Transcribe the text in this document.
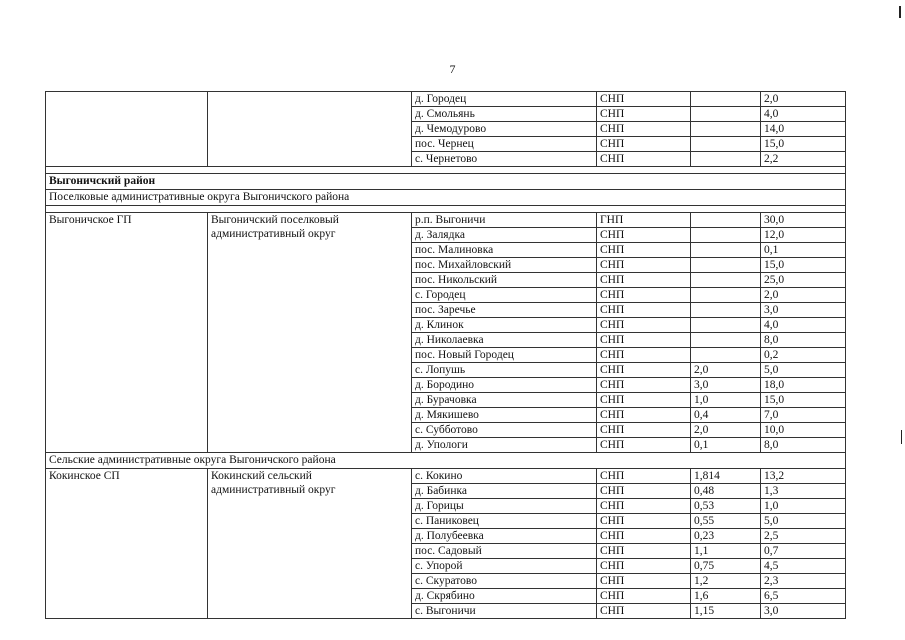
7
		д. Городец	СНП		2,0
		д. Смольянь	СНП		4,0
		д. Чемодурово	СНП		14,0
		пос. Чернец	СНП		15,0
		с. Чернетово	СНП		2,2

Выгоничский район					
Поселковые административные округа Выгоничского района					

Выгоничское ГП	Выгоничский поселковый административный округ	р.п. Выгоничи	ГНП		30,0
		д. Залядка	СНП		12,0
		пос. Малиновка	СНП		0,1
		пос. Михайловский	СНП		15,0
		пос. Никольский	СНП		25,0
		с. Городец	СНП		2,0
		пос. Заречье	СНП		3,0
		д. Клинок	СНП		4,0
		д. Николаевка	СНП		8,0
		пос. Новый Городец	СНП		0,2
		с. Лопушь	СНП	2,0	5,0
		д. Бородино	СНП	3,0	18,0
		д. Бурачовка	СНП	1,0	15,0
		д. Мякишево	СНП	0,4	7,0
		с. Субботово	СНП	2,0	10,0
		д. Упологи	СНП	0,1	8,0
Сельские административные округа Выгоничского района					
Кокинское СП	Кокинский сельский административный округ	с. Кокино	СНП	1,814	13,2
		д. Бабинка	СНП	0,48	1,3
		д. Горицы	СНП	0,53	1,0
		с. Паниковец	СНП	0,55	5,0
		д. Полубеевка	СНП	0,23	2,5
		пос. Садовый	СНП	1,1	0,7
		с. Упорой	СНП	0,75	4,5
		с. Скуратово	СНП	1,2	2,3
		д. Скрябино	СНП	1,6	6,5
		с. Выгоничи	СНП	1,15	3,0
